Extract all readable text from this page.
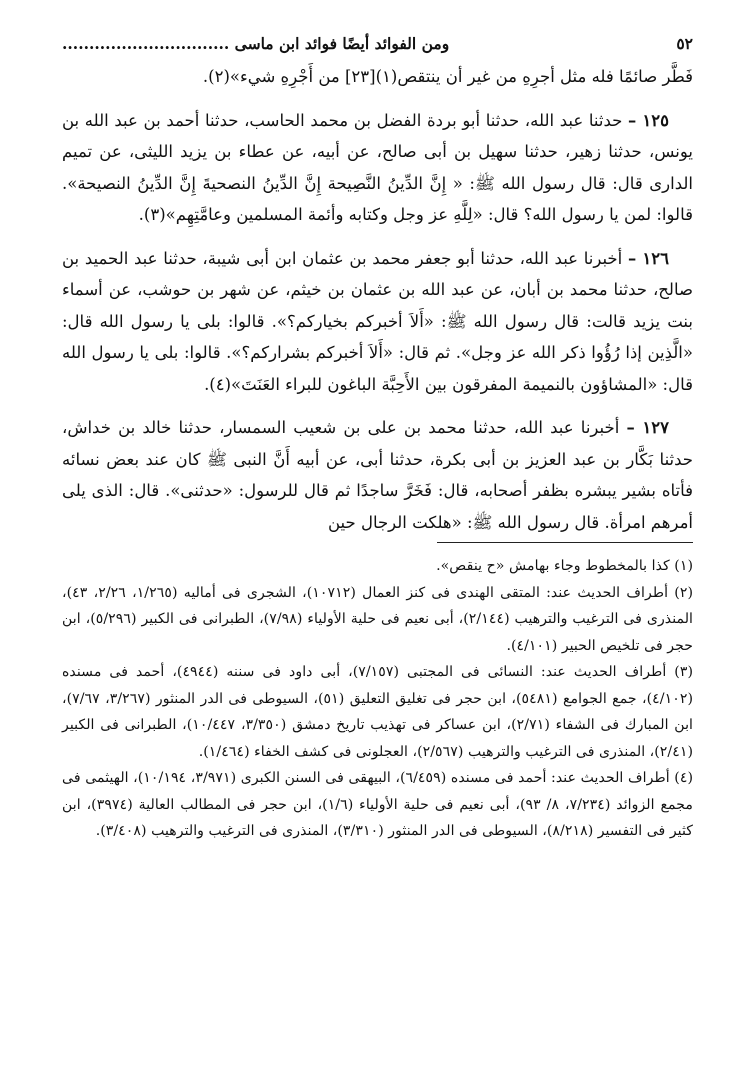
٥٢
ومن الفوائد أيضًا فوائد ابن ماسى ...............................

فَطَّر صائمًا فله مثل أجرِهِ من غير أن ينتقص(١)[٢٣] من أَجْرِهِ شيء»(٢).

١٢٥ – حدثنا عبد الله، حدثنا أبو بردة الفضل بن محمد الحاسب، حدثنا أحمد بن عبد الله بن يونس، حدثنا زهير، حدثنا سهيل بن أبى صالح، عن أبيه، عن عطاء بن يزيد الليثى، عن تميم الدارى قال: قال رسول الله ﷺ: « إِنَّ الدِّينُ النَّصِيحة إِنَّ الدِّينُ النصحيةَ إِنَّ الدِّينُ النصيحة». قالوا: لمن يا رسول الله؟ قال: «لِلَّهِ عز وجل وكتابه وأئمة المسلمين وعامَّتِهِم»(٣).

١٢٦ – أخبرنا عبد الله، حدثنا أبو جعفر محمد بن عثمان ابن أبى شيبة، حدثنا عبد الحميد بن صالح، حدثنا محمد بن أبان، عن عبد الله بن عثمان بن خيثم، عن شهر بن حوشب، عن أسماء بنت يزيد قالت: قال رسول الله ﷺ: «أَلاَ أخبركم بخياركم؟». قالوا: بلى يا رسول الله قال: «الَّذِين إذا رُؤُوا ذكر الله عز وجل». ثم قال: «أَلاَ أخبركم بشراركم؟». قالوا: بلى يا رسول الله قال: «المشاؤون بالنميمة المفرقون بين الأَحِبَّة الباغون للبراء العَنَتَ»(٤).

١٢٧ – أخبرنا عبد الله، حدثنا محمد بن على بن شعيب السمسار، حدثنا خالد بن خداش، حدثنا بَكَّار بن عبد العزيز بن أبى بكرة، حدثنا أبى، عن أبيه أَنَّ النبى ﷺ كان عند بعض نسائه فأتاه بشير يبشره بظفر أصحابه، قال: فَخَرَّ ساجدًا ثم قال للرسول: «حدثنى». قال: الذى يلى أمرهم امرأة. قال رسول الله ﷺ: «هلكت الرجال حين

(١) كذا بالمخطوط وجاء بهامش «ح ينقص».

(٢) أطراف الحديث عند: المتقى الهندى فى كنز العمال (١٠٧١٢)، الشجرى فى أماليه (١/٢٦٥، ٢/٢٦، ٤٣)، المنذرى فى الترغيب والترهيب (٢/١٤٤)، أبى نعيم فى حلية الأولياء (٧/٩٨)، الطبرانى فى الكبير (٥/٢٩٦)، ابن حجر فى تلخيص الحبير (٤/١٠١).

(٣) أطراف الحديث عند: النسائى فى المجتبى (٧/١٥٧)، أبى داود فى سننه (٤٩٤٤)، أحمد فى مسنده (٤/١٠٢)، جمع الجوامع (٥٤٨١)، ابن حجر فى تغليق التعليق (٥١)، السيوطى فى الدر المنثور (٣/٢٦٧، ٧/٦٧)، ابن المبارك فى الشفاء (٢/٧١)، ابن عساكر فى تهذيب تاريخ دمشق (٣/٣٥٠، ١٠/٤٤٧)، الطبرانى فى الكبير (٢/٤١)، المنذرى فى الترغيب والترهيب (٢/٥٦٧)، العجلونى فى كشف الخفاء (١/٤٦٤).

(٤) أطراف الحديث عند: أحمد فى مسنده (٦/٤٥٩)، البيهقى فى السنن الكبرى (٣/٩٧١، ١٠/١٩٤)، الهيثمى فى مجمع الزوائد (٧/٢٣٤، ٨/ ٩٣)، أبى نعيم فى حلية الأولياء (١/٦)، ابن حجر فى المطالب العالية (٣٩٧٤)، ابن كثير فى التفسير (٨/٢١٨)، السيوطى فى الدر المنثور (٣/٣١٠)، المنذرى فى الترغيب والترهيب (٣/٤٠٨).
